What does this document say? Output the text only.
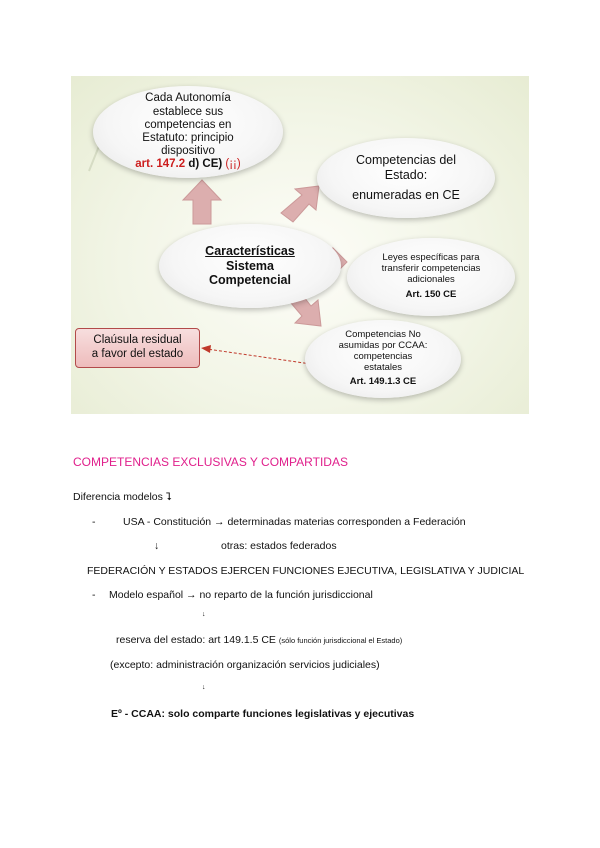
Cada Autonomía
establece sus
competencias en
Estatuto: principio
dispositivo
art. 147.2 d) CE) (¡¡)	Competencias del
Estado:
enumeradas en CE
Características
Sistema
Competencial
Leyes específicas para
transferir competencias
adicionales
Art. 150 CE
Competencias No
asumidas por CCAA:
competencias
estatales
Art. 149.1.3 CE
Claúsula residual
a favor del estado
COMPETENCIAS EXCLUSIVAS Y COMPARTIDAS
Diferencia modelos ⮧
-	USA - Constitución → determinadas materias corresponden a Federación
↓	otras: estados federados
FEDERACIÓN Y ESTADOS EJERCEN FUNCIONES EJECUTIVA, LEGISLATIVA Y JUDICIAL
- Modelo español → no reparto de la función jurisdiccional
↓
reserva del estado: art 149.1.5 CE (sólo función jurisdiccional el Estado)
(excepto: administración organización servicios judiciales)
↓
Eº - CCAA: solo comparte funciones legislativas y ejecutivas
